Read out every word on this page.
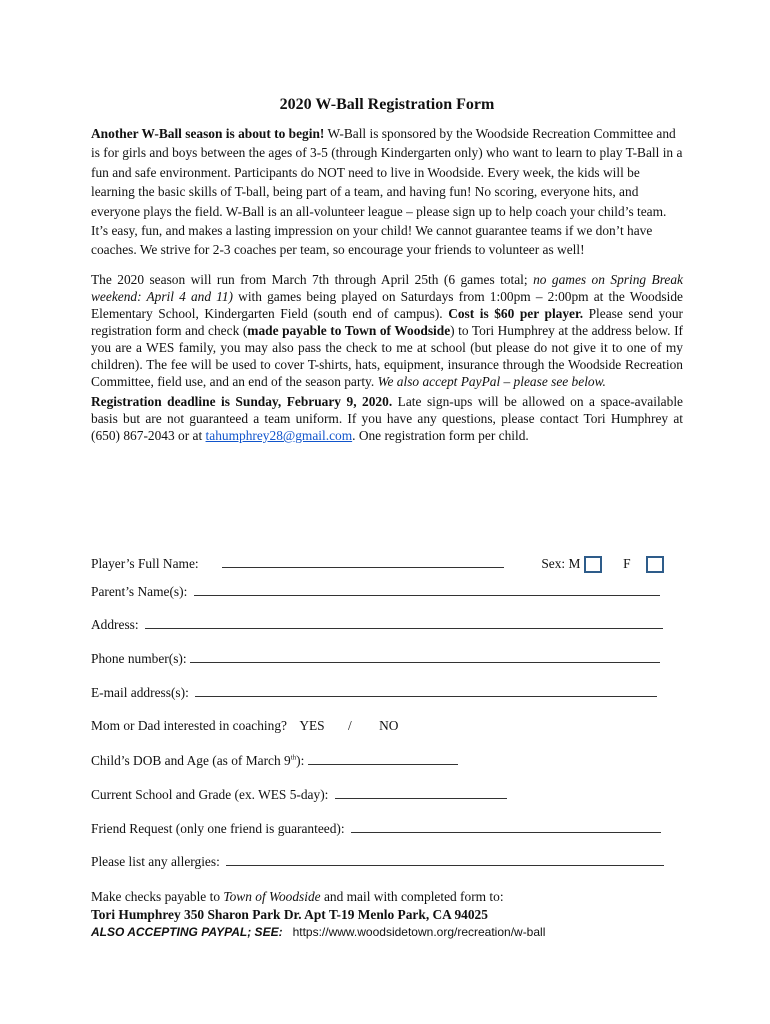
2020 W-Ball Registration Form

Another W-Ball season is about to begin! W-Ball is sponsored by the Woodside Recreation Committee and is for girls and boys between the ages of 3-5 (through Kindergarten only) who want to learn to play T-Ball in a fun and safe environment. Participants do NOT need to live in Woodside. Every week, the kids will be learning the basic skills of T-ball, being part of a team, and having fun! No scoring, everyone hits, and everyone plays the field. W-Ball is an all-volunteer league – please sign up to help coach your child’s team. It’s easy, fun, and makes a lasting impression on your child! We cannot guarantee teams if we don’t have coaches. We strive for 2-3 coaches per team, so encourage your friends to volunteer as well!

The 2020 season will run from March 7th through April 25th (6 games total; no games on Spring Break weekend: April 4 and 11) with games being played on Saturdays from 1:00pm – 2:00pm at the Woodside Elementary School, Kindergarten Field (south end of campus). Cost is $60 per player. Please send your registration form and check (made payable to Town of Woodside) to Tori Humphrey at the address below. If you are a WES family, you may also pass the check to me at school (but please do not give it to one of my children). The fee will be used to cover T-shirts, hats, equipment, insurance through the Woodside Recreation Committee, field use, and an end of the season party. We also accept PayPal – please see below.

Registration deadline is Sunday, February 9, 2020. Late sign-ups will be allowed on a space-available basis but are not guaranteed a team uniform. If you have any questions, please contact Tori Humphrey at (650) 867-2043 or at tahumphrey28@gmail.com. One registration form per child.

Player’s Full Name:	Sex: M	F
Parent’s Name(s):
Address:
Phone number(s):
E-mail address(s):
Mom or Dad interested in coaching? YES / NO
Child’s DOB and Age (as of March 9th):
Current School and Grade (ex. WES 5-day):
Friend Request (only one friend is guaranteed):
Please list any allergies:
Make checks payable to Town of Woodside and mail with completed form to:
Tori Humphrey 350 Sharon Park Dr. Apt T-19 Menlo Park, CA 94025
ALSO ACCEPTING PAYPAL; SEE: https://www.woodsidetown.org/recreation/w-ball
